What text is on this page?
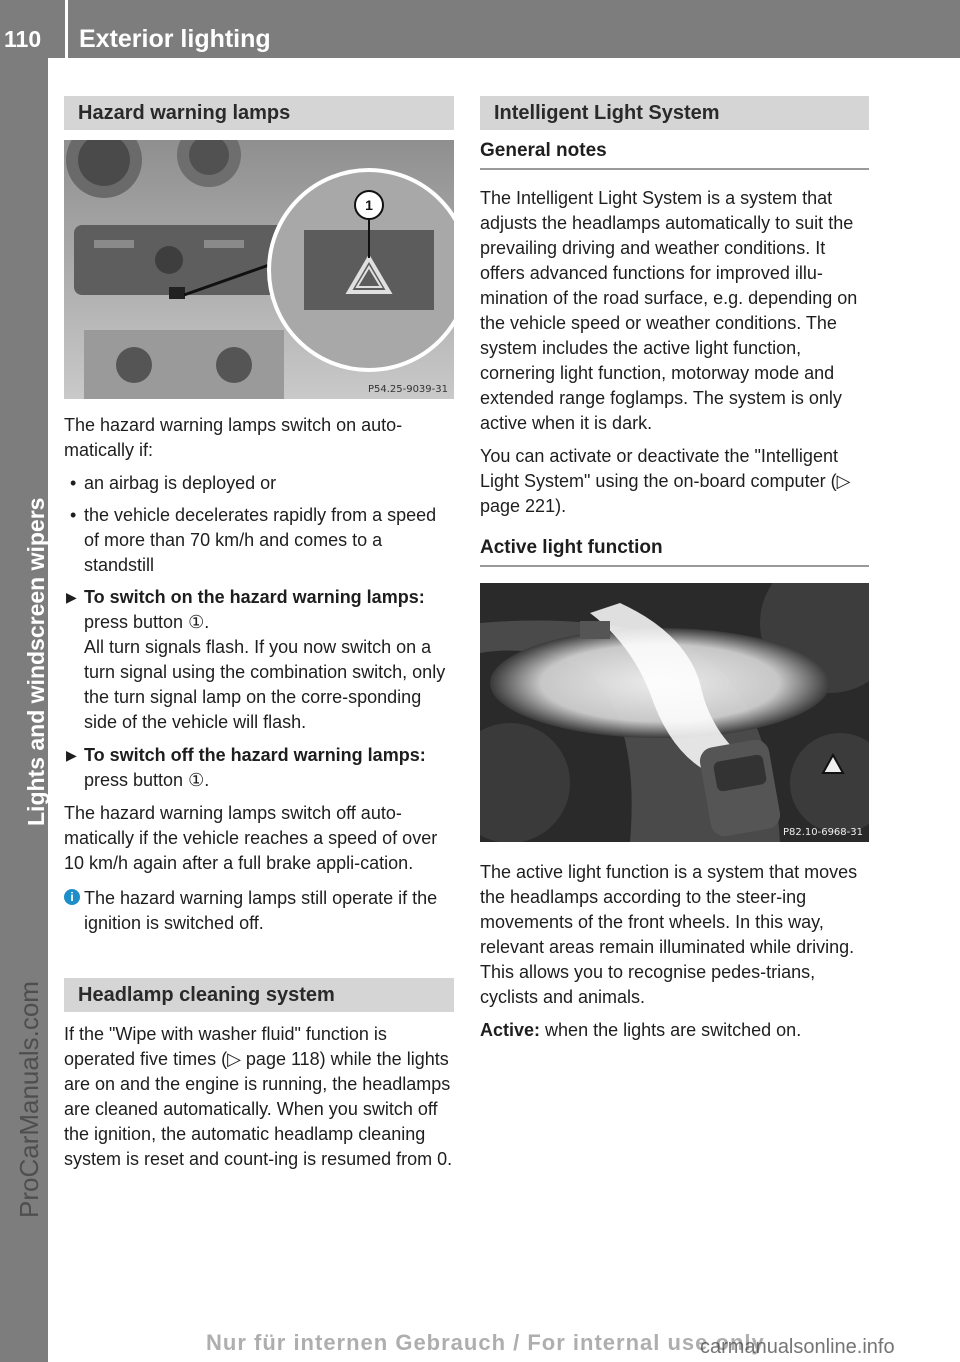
110	Exterior lighting
Lights and windscreen wipers
ProCarManuals.com
Hazard warning lamps
1
P54.25-9039-31

The hazard warning lamps switch on auto-matically if:

• an airbag is deployed or
• the vehicle decelerates rapidly from a speed of more than 70 km/h and comes to a standstill
▶ To switch on the hazard warning lamps: press button ①.
All turn signals flash. If you now switch on a turn signal using the combination switch, only the turn signal lamp on the corre-sponding side of the vehicle will flash.
▶ To switch off the hazard warning lamps: press button ①.

The hazard warning lamps switch off auto-matically if the vehicle reaches a speed of over 10 km/h again after a full brake appli-cation.

i The hazard warning lamps still operate if the ignition is switched off.
Headlamp cleaning system

If the "Wipe with washer fluid" function is operated five times (▷ page 118) while the lights are on and the engine is running, the headlamps are cleaned automatically. When you switch off the ignition, the automatic headlamp cleaning system is reset and count-ing is resumed from 0.

Intelligent Light System
General notes

The Intelligent Light System is a system that adjusts the headlamps automatically to suit the prevailing driving and weather conditions. It offers advanced functions for improved illu-mination of the road surface, e.g. depending on the vehicle speed or weather conditions. The system includes the active light function, cornering light function, motorway mode and extended range foglamps. The system is only active when it is dark.

You can activate or deactivate the "Intelligent Light System" using the on-board computer (▷ page 221).

Active light function
P82.10-6968-31

The active light function is a system that moves the headlamps according to the steer-ing movements of the front wheels. In this way, relevant areas remain illuminated while driving. This allows you to recognise pedes-trians, cyclists and animals.

Active: when the lights are switched on.

Nur für internen Gebrauch / For internal use only
carmanualsonline.info
